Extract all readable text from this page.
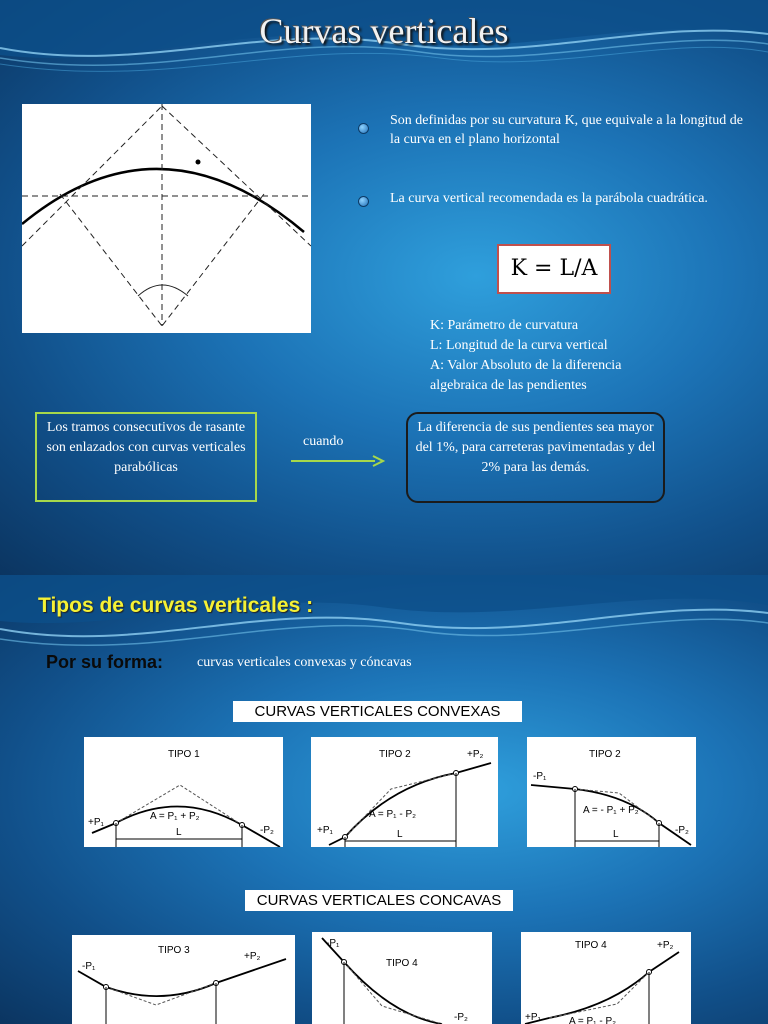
Curvas verticales
Son definidas por su curvatura K, que equivale a la longitud de la curva en el plano horizontal
La curva vertical recomendada es la parábola cuadrática.
K = L/A
K: Parámetro de curvatura
L: Longitud de la curva vertical
A: Valor Absoluto de la diferencia
algebraica de las pendientes
Los tramos consecutivos de rasante son enlazados con curvas verticales parabólicas
cuando
La diferencia de sus pendientes sea mayor del 1%, para carreteras pavimentadas y del 2% para las demás.
Tipos de curvas verticales :
Por su forma: curvas verticales convexas y cóncavas
CURVAS VERTICALES CONVEXAS
TIPO 1
A = P₁ + P₂
L
+P₁
-P₂
TIPO 2
A = P₁ - P₂
L
+P₁
+P₂	TIPO 2
A = - P₁ + P₂
L
-P₁
-P₂
CURVAS VERTICALES CONCAVAS
TIPO 3
-P₁
+P₂
TIPO 4
-P₁
-P₂
TIPO 4
+P₁
+P₂
A = P₁ - P₂
